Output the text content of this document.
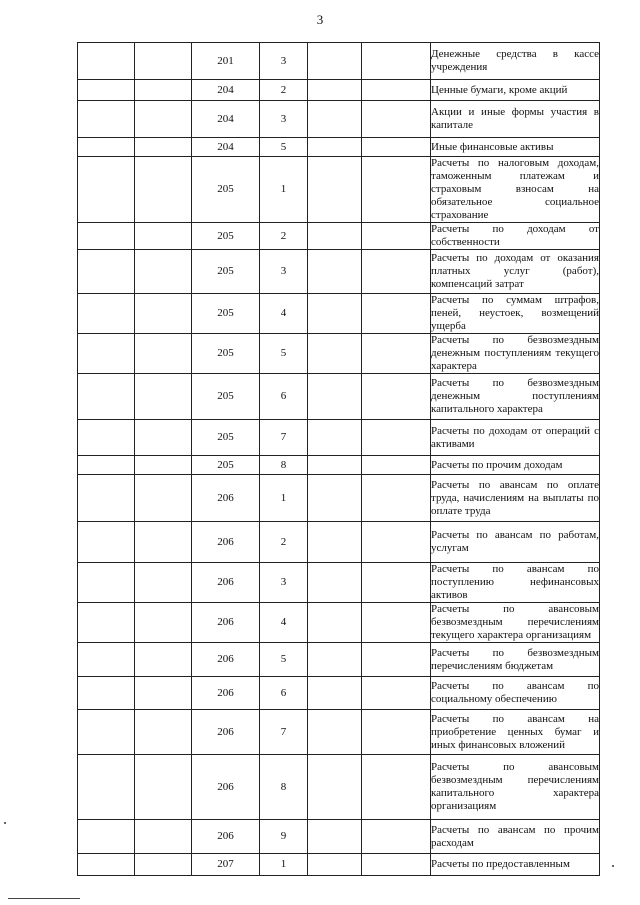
3
		201	3			Денежные средства в кассе учреждения
		204	2			Ценные бумаги, кроме акций
		204	3			Акции и иные формы участия в капитале
		204	5			Иные финансовые активы
		205	1			Расчеты по налоговым доходам, таможенным платежам и страховым взносам на обязательное социальное страхование
		205	2			Расчеты по доходам от собственности
		205	3			Расчеты по доходам от оказания платных услуг (работ), компенсаций затрат
		205	4			Расчеты по суммам штрафов, пеней, неустоек, возмещений ущерба
		205	5			Расчеты по безвозмездным денежным поступлениям текущего характера
		205	6			Расчеты по безвозмездным денежным поступлениям капитального характера
		205	7			Расчеты по доходам от операций с активами
		205	8			Расчеты по прочим доходам
		206	1			Расчеты по авансам по оплате труда, начислениям на выплаты по оплате труда
		206	2			Расчеты по авансам по работам, услугам
		206	3			Расчеты по авансам по поступлению нефинансовых активов
		206	4			Расчеты по авансовым безвозмездным перечислениям текущего характера организациям
		206	5			Расчеты по безвозмездным перечислениям бюджетам
		206	6			Расчеты по авансам по социальному обеспечению
		206	7			Расчеты по авансам на приобретение ценных бумаг и иных финансовых вложений
		206	8			Расчеты по авансовым безвозмездным перечислениям капитального характера организациям
		206	9			Расчеты по авансам по прочим расходам
		207	1			Расчеты по предоставленным
